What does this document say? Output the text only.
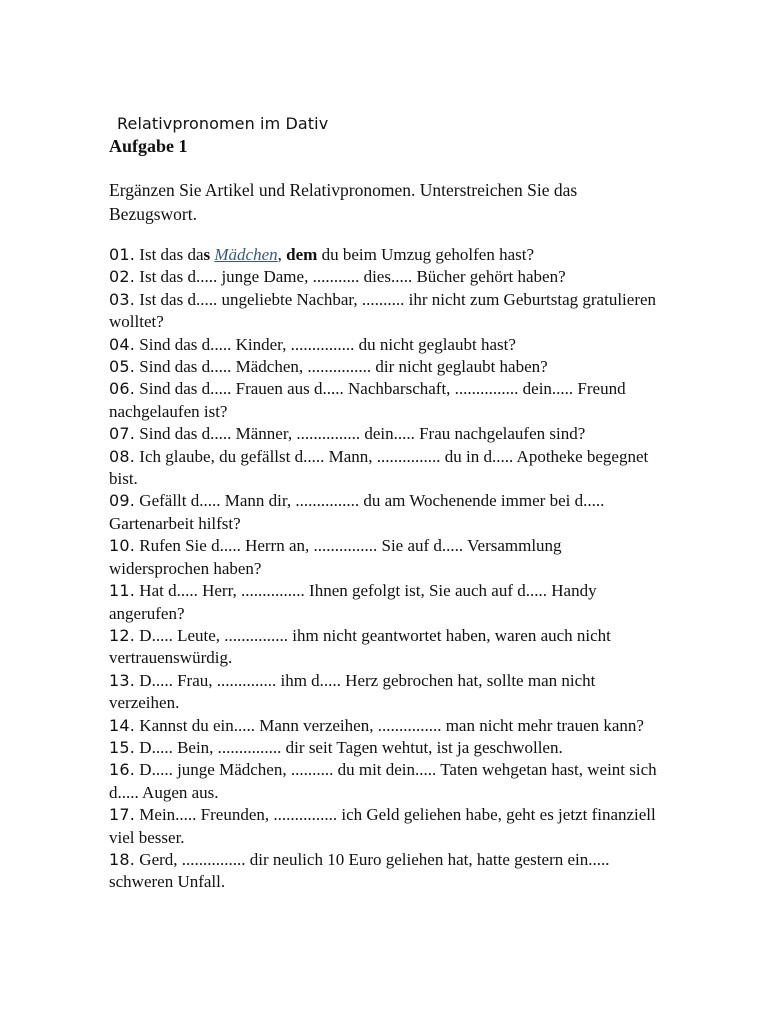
Relativpronomen im Dativ
Aufgabe 1
Ergänzen Sie Artikel und Relativpronomen. Unterstreichen Sie das Bezugswort.
01. Ist das das Mädchen, dem du beim Umzug geholfen hast?
02. Ist das d..... junge Dame, ........... dies..... Bücher gehört haben?
03. Ist das d..... ungeliebte Nachbar, .......... ihr nicht zum Geburtstag gratulieren wolltet?
04. Sind das d..... Kinder, ............... du nicht geglaubt hast?
05. Sind das d..... Mädchen, ............... dir nicht geglaubt haben?
06. Sind das d..... Frauen aus d..... Nachbarschaft, ............... dein..... Freund nachgelaufen ist?
07. Sind das d..... Männer, ............... dein..... Frau nachgelaufen sind?
08. Ich glaube, du gefällst d..... Mann, ............... du in d..... Apotheke begegnet bist.
09. Gefällt d..... Mann dir, ............... du am Wochenende immer bei d..... Gartenarbeit hilfst?
10. Rufen Sie d..... Herrn an, ............... Sie auf d..... Versammlung widersprochen haben?
11. Hat d..... Herr, ............... Ihnen gefolgt ist, Sie auch auf d..... Handy angerufen?
12. D..... Leute, ............... ihm nicht geantwortet haben, waren auch nicht vertrauenswürdig.
13. D..... Frau, .............. ihm d..... Herz gebrochen hat, sollte man nicht verzeihen.
14. Kannst du ein..... Mann verzeihen, ............... man nicht mehr trauen kann?
15. D..... Bein, ............... dir seit Tagen wehtut, ist ja geschwollen.
16. D..... junge Mädchen, .......... du mit dein..... Taten wehgetan hast, weint sich d..... Augen aus.
17. Mein..... Freunden, ............... ich Geld geliehen habe, geht es jetzt finanziell viel besser.
18. Gerd, ............... dir neulich 10 Euro geliehen hat, hatte gestern ein..... schweren Unfall.
